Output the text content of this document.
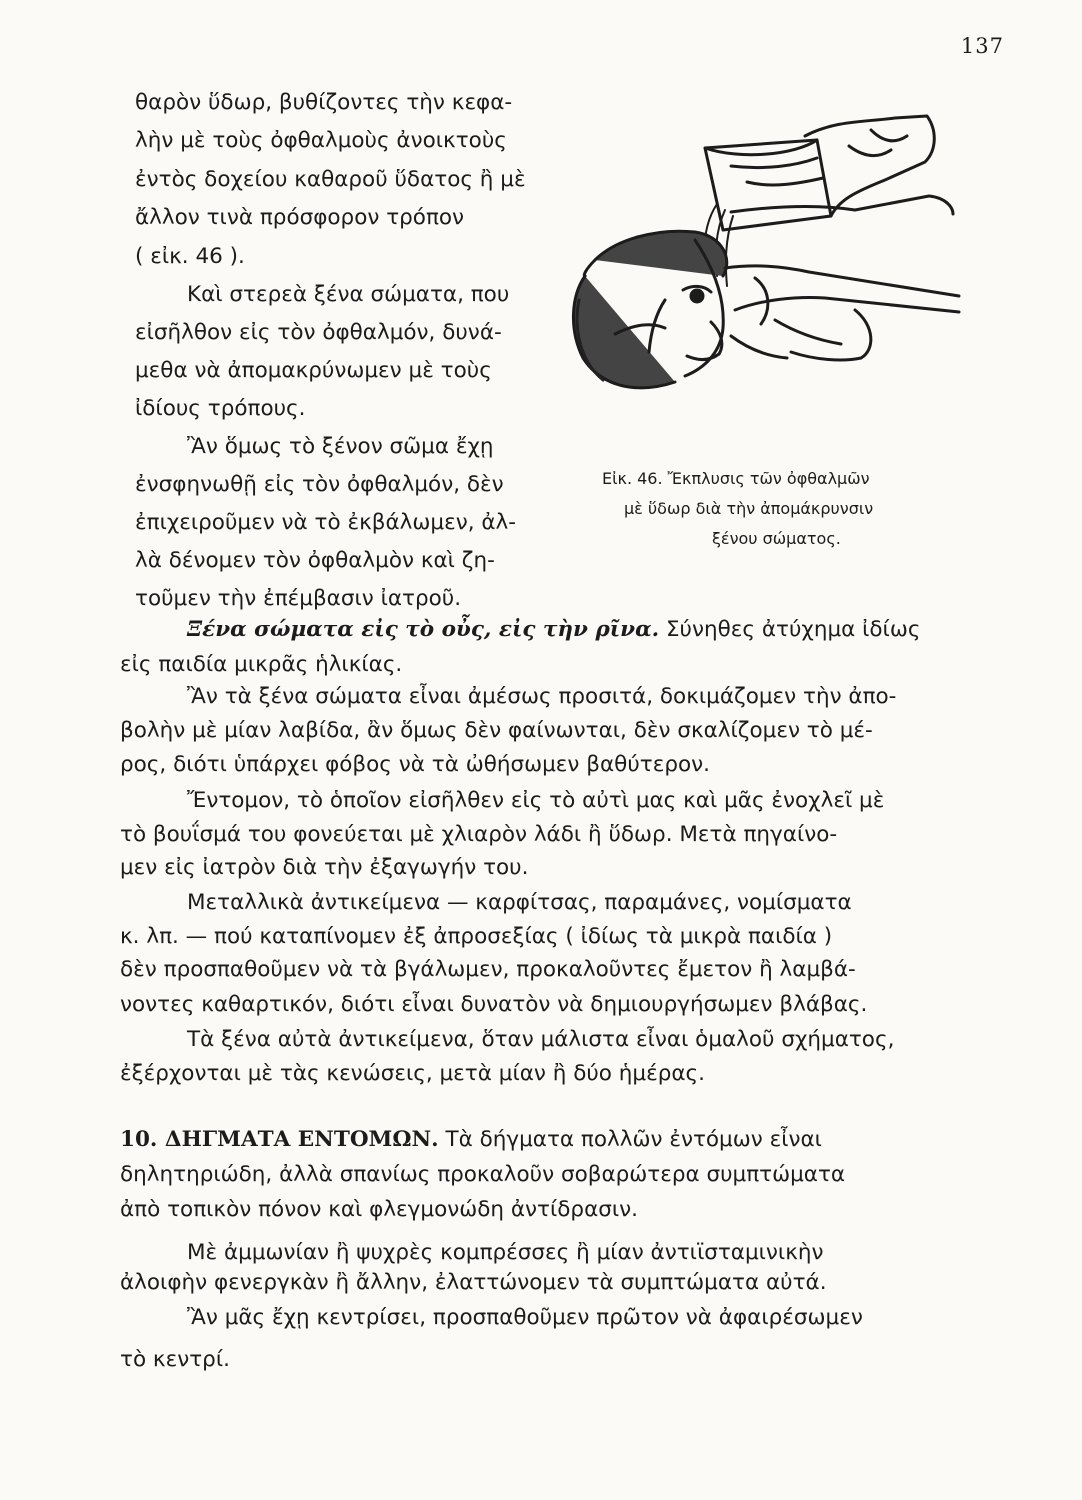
137
θαρὸν ὕδωρ, βυθίζοντες τὴν κεφα-
λὴν μὲ τοὺς ὀφθαλμοὺς ἀνοικτοὺς
ἐντὸς δοχείου καθαροῦ ὕδατος ἢ μὲ
ἄλλον τινὰ πρόσφορον τρόπον
( εἰκ. 46 ).
Καὶ στερεὰ ξένα σώματα, που
εἰσῆλθον εἰς τὸν ὀφθαλμόν, δυνά-
μεθα νὰ ἀπομακρύνωμεν μὲ τοὺς
ἰδίους τρόπους.
Ἂν ὅμως τὸ ξένον σῶμα ἔχῃ
ἐνσφηνωθῇ εἰς τὸν ὀφθαλμόν, δὲν
ἐπιχειροῦμεν νὰ τὸ ἐκβάλωμεν, ἀλ-
λὰ δένομεν τὸν ὀφθαλμὸν καὶ ζη-
τοῦμεν τὴν ἐπέμβασιν ἰατροῦ.
Εἰκ. 46. Ἔκπλυσις τῶν ὀφθαλμῶν
μὲ ὕδωρ διὰ τὴν ἀπομάκρυνσιν
ξένου σώματος.
Ξένα σώματα εἰς τὸ οὖς, εἰς τὴν ρῖνα. Σύνηθες ἀτύχημα ἰδίως
εἰς παιδία μικρᾶς ἡλικίας.
Ἂν τὰ ξένα σώματα εἶναι ἀμέσως προσιτά, δοκιμάζομεν τὴν ἀπο-
βολὴν μὲ μίαν λαβίδα, ἂν ὅμως δὲν φαίνωνται, δὲν σκαλίζομεν τὸ μέ-
ρος, διότι ὑπάρχει φόβος νὰ τὰ ὠθήσωμεν βαθύτερον.
Ἔντομον, τὸ ὁποῖον εἰσῆλθεν εἰς τὸ αὐτὶ μας καὶ μᾶς ἐνοχλεῖ μὲ
τὸ βουΐσμά του φονεύεται μὲ χλιαρὸν λάδι ἢ ὕδωρ. Μετὰ πηγαίνο-
μεν εἰς ἰατρὸν διὰ τὴν ἐξαγωγήν του.
Μεταλλικὰ ἀντικείμενα — καρφίτσας, παραμάνες, νομίσματα
κ. λπ. — πού καταπίνομεν ἐξ ἀπροσεξίας ( ἰδίως τὰ μικρὰ παιδία )
δὲν προσπαθοῦμεν νὰ τὰ βγάλωμεν, προκαλοῦντες ἔμετον ἢ λαμβά-
νοντες καθαρτικόν, διότι εἶναι δυνατὸν νὰ δημιουργήσωμεν βλάβας.
Τὰ ξένα αὐτὰ ἀντικείμενα, ὅταν μάλιστα εἶναι ὁμαλοῦ σχήματος,
ἐξέρχονται μὲ τὰς κενώσεις, μετὰ μίαν ἢ δύο ἡμέρας.
10. ΔΗΓΜΑΤΑ ΕΝΤΟΜΩΝ. Τὰ δήγματα πολλῶν ἐντόμων εἶναι
δηλητηριώδη, ἀλλὰ σπανίως προκαλοῦν σοβαρώτερα συμπτώματα
ἀπὸ τοπικὸν πόνον καὶ φλεγμονώδη ἀντίδρασιν.
Μὲ ἀμμωνίαν ἢ ψυχρὲς κομπρέσσες ἢ μίαν ἀντιϊσταμινικὴν
ἀλοιφὴν φενεργκὰν ἢ ἄλλην, ἐλαττώνομεν τὰ συμπτώματα αὐτά.
Ἂν μᾶς ἔχῃ κεντρίσει, προσπαθοῦμεν πρῶτον νὰ ἀφαιρέσωμεν
τὸ κεντρί.
